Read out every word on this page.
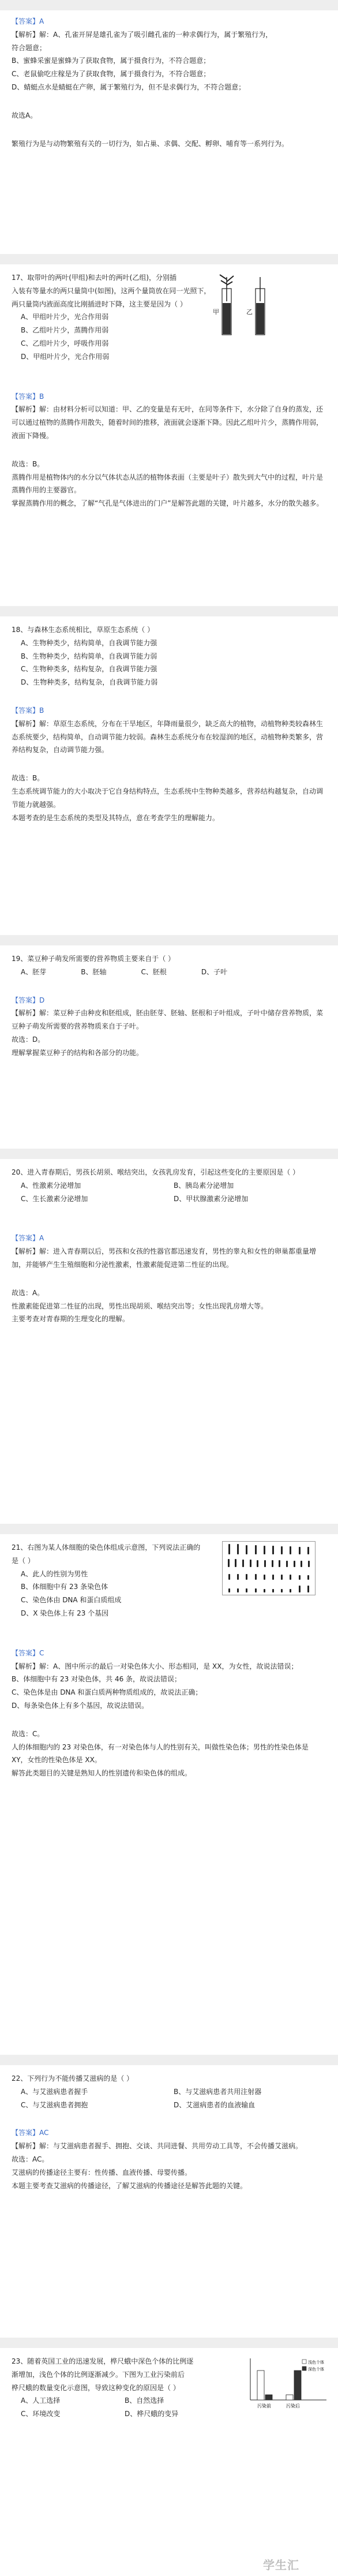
【答案】A

【解析】解：A、孔雀开屏是雄孔雀为了吸引雌孔雀的一种求偶行为，属于繁殖行为，

符合题意；

B、蜜蜂采蜜是蜜蜂为了获取食物，属于摄食行为，不符合题意；

C、老鼠偷吃庄稼是为了获取食物，属于摄食行为，不符合题意；

D、蜻蜓点水是蜻蜓在产卵，属于繁殖行为，但不是求偶行为，不符合题意；

故选A。

繁殖行为是与动物繁殖有关的一切行为，如占巢、求偶、交配、孵卵、哺育等一系列行为。

17、取带叶的两叶(甲组)和去叶的两叶(乙组)，分别插

入装有等量水的两只量筒中(如图)，这两个量筒放在同一光照下，

两只量筒内液面高度比刚插进时下降，这主要是因为（ ）

A、甲组叶片少，光合作用弱

B、乙组叶片少，蒸腾作用弱

C、乙组叶片少，呼吸作用弱

D、甲组叶片少，光合作用弱

甲	乙

【答案】B

【解析】解：由材料分析可以知道：甲、乙的变量是有无叶，在同等条件下，水分除了自身的蒸发，还可以通过植物的蒸腾作用散失，随着时间的推移，液面就会逐渐下降。因此乙组叶片少，蒸腾作用弱，液面下降慢。

故选：B。

蒸腾作用是植物体内的水分以气体状态从活的植物体表面（主要是叶子）散失到大气中的过程，叶片是蒸腾作用的主要器官。

掌握蒸腾作用的概念，了解“气孔是气体进出的门户”是解答此题的关键，叶片越多，水分的散失越多。

18、与森林生态系统相比，草原生态系统（ ）

A、生物种类少，结构简单，自我调节能力强

B、生物种类少，结构简单，自我调节能力弱

C、生物种类多，结构复杂，自我调节能力强

D、生物种类多，结构复杂，自我调节能力弱

【答案】B

【解析】解：草原生态系统，分布在干旱地区，年降雨量很少，缺乏高大的植物，动植物种类较森林生态系统要少，结构简单，自动调节能力较弱。森林生态系统分布在较湿润的地区，动植物种类繁多，营养结构复杂，自动调节能力强。

故选：B。

生态系统调节能力的大小取决于它自身结构特点，生态系统中生物种类越多，营养结构越复杂，自动调节能力就越强。

本题考查的是生态系统的类型及其特点，意在考查学生的理解能力。

19、菜豆种子萌发所需要的营养物质主要来自于（ ）

A、胚芽	B、胚轴	C、胚根	D、子叶

【答案】D

【解析】解：菜豆种子由种皮和胚组成，胚由胚芽、胚轴、胚根和子叶组成，子叶中储存营养物质，菜豆种子萌发所需要的营养物质来自于子叶。

故选：D。

理解掌握菜豆种子的结构和各部分的功能。

20、进入青春期后，男孩长胡须、喉结突出，女孩乳房发育，引起这些变化的主要原因是（ ）

A、性激素分泌增加	B、胰岛素分泌增加
C、生长激素分泌增加	D、甲状腺激素分泌增加

【答案】A

【解析】解：进入青春期以后，男孩和女孩的性器官都迅速发育，男性的睾丸和女性的卵巢都重量增加，并能够产生生殖细胞和分泌性激素，性激素能促进第二性征的出现。

故选：A。

性激素能促进第二性征的出现，男性出现胡须、喉结突出等；女性出现乳房增大等。

主要考查对青春期的生理变化的理解。

21、右图为某人体细胞的染色体组成示意图，下列说法正确的是（ ）

A、此人的性别为男性

B、体细胞中有 23 条染色体

C、染色体由 DNA 和蛋白质组成

D、X 染色体上有 23 个基因

【答案】C

【解析】解：A、图中所示的最后一对染色体大小、形态相同，是 XX，为女性，故说法错误；

B、体细胞中有 23 对染色体，共 46 条，故说法错误；

C、染色体是由 DNA 和蛋白质两种物质组成的，故说法正确；

D、每条染色体上有多个基因，故说法错误。

故选：C。

人的体细胞内的 23 对染色体，有一对染色体与人的性别有关，叫做性染色体；男性的性染色体是 XY，女性的性染色体是 XX。

解答此类题目的关键是熟知人的性别遗传和染色体的组成。

22、下列行为不能传播艾滋病的是（ ）

A、与艾滋病患者握手	B、与艾滋病患者共用注射器
C、与艾滋病患者拥抱	D、艾滋病患者的血液输血

【答案】AC

【解析】解：与艾滋病患者握手、拥抱、交谈、共同进餐、共用劳动工具等，不会传播艾滋病。

故选：AC。

艾滋病的传播途径主要有：性传播、血液传播、母婴传播。

本题主要考查艾滋病的传播途径，了解艾滋病的传播途径是解答此题的关键。

23、随着英国工业的迅速发展，桦尺蛾中深色个体的比例逐

渐增加，浅色个体的比例逐渐减少。下图为工业污染前后

桦尺蛾的数量变化示意图，导致这种变化的原因是（ ）

A、人工选择	B、自然选择
C、环境改变	D、桦尺蛾的变异
浅色个体
深色个体
污染前	污染后
学生汇
